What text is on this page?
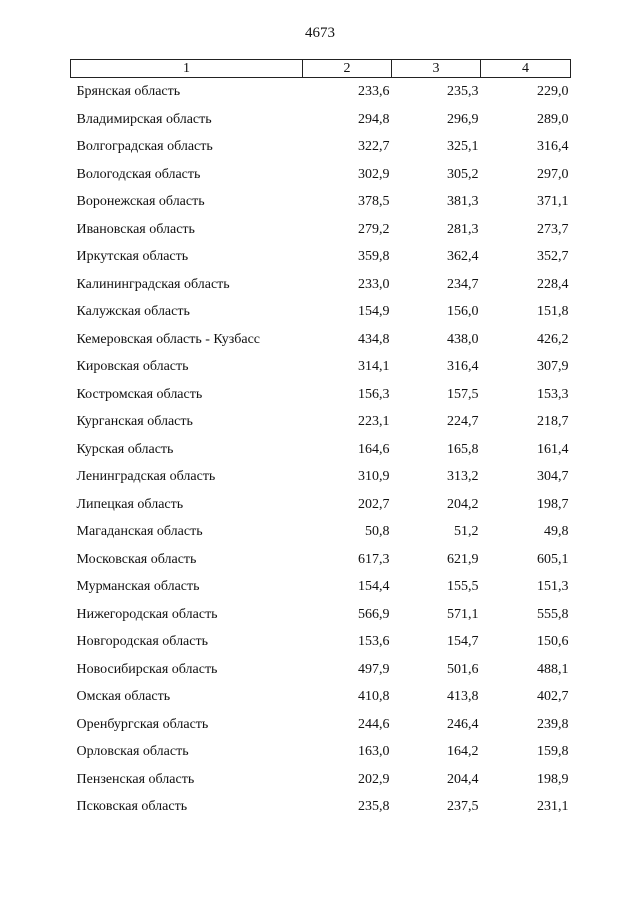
4673
1	2	3	4
Брянская область	233,6	235,3	229,0
Владимирская область	294,8	296,9	289,0
Волгоградская область	322,7	325,1	316,4
Вологодская область	302,9	305,2	297,0
Воронежская область	378,5	381,3	371,1
Ивановская область	279,2	281,3	273,7
Иркутская область	359,8	362,4	352,7
Калининградская область	233,0	234,7	228,4
Калужская область	154,9	156,0	151,8
Кемеровская область - Кузбасс	434,8	438,0	426,2
Кировская область	314,1	316,4	307,9
Костромская область	156,3	157,5	153,3
Курганская область	223,1	224,7	218,7
Курская область	164,6	165,8	161,4
Ленинградская область	310,9	313,2	304,7
Липецкая область	202,7	204,2	198,7
Магаданская область	50,8	51,2	49,8
Московская область	617,3	621,9	605,1
Мурманская область	154,4	155,5	151,3
Нижегородская область	566,9	571,1	555,8
Новгородская область	153,6	154,7	150,6
Новосибирская область	497,9	501,6	488,1
Омская область	410,8	413,8	402,7
Оренбургская область	244,6	246,4	239,8
Орловская область	163,0	164,2	159,8
Пензенская область	202,9	204,4	198,9
Псковская область	235,8	237,5	231,1
